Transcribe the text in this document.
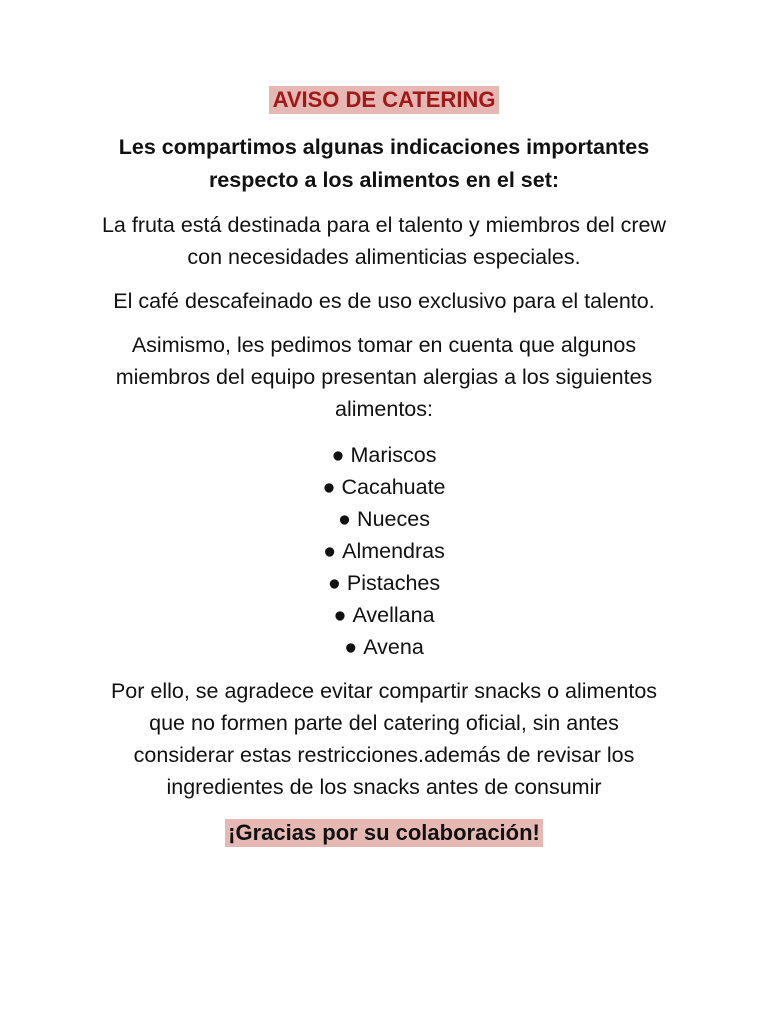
AVISO DE CATERING

Les compartimos algunas indicaciones importantes respecto a los alimentos en el set:

La fruta está destinada para el talento y miembros del crew con necesidades alimenticias especiales.

El café descafeinado es de uso exclusivo para el talento.

Asimismo, les pedimos tomar en cuenta que algunos miembros del equipo presentan alergias a los siguientes alimentos:

● Mariscos
● Cacahuate
● Nueces
● Almendras
● Pistaches
● Avellana
● Avena

Por ello, se agradece evitar compartir snacks o alimentos que no formen parte del catering oficial, sin antes considerar estas restricciones.además de revisar los ingredientes de los snacks antes de consumir

¡Gracias por su colaboración!
